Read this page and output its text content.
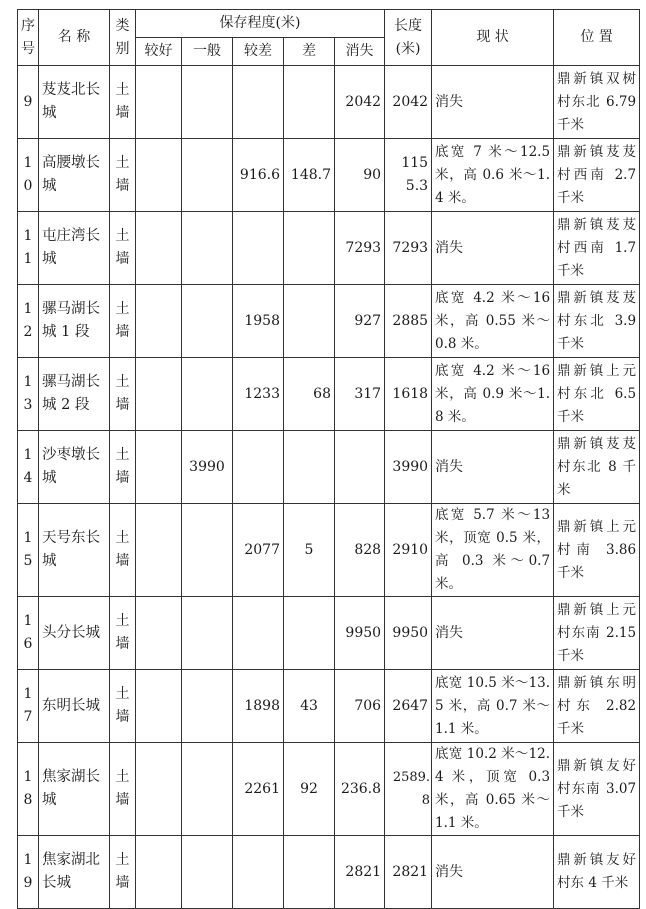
序号	名 称	类别	保存程度(米)					长度(米)	现 状	位 置
			较好	一般	较差	差	消失			
9	芨芨北长城	土墙					2042	2042	消失	鼎新镇双树村东北 6.79 千米
10	高腰墩长城	土墙			916.6	148.7	90	1155.3	底宽 7 米～12.5 米，高 0.6 米～1.4 米。	鼎新镇芨芨村西南 2.7 千米
11	屯庄湾长城	土墙					7293	7293	消失	鼎新镇芨芨村西南 1.7 千米
12	骡马湖长城 1 段	土墙			1958		927	2885	底宽 4.2 米～16 米，高 0.55 米～0.8 米。	鼎新镇芨芨村东北 3.9 千米
13	骡马湖长城 2 段	土墙			1233	68	317	1618	底宽 4.2 米～16 米，高 0.9 米～1.8 米。	鼎新镇上元村东北 6.5 千米
14	沙枣墩长城	土墙		3990				3990	消失	鼎新镇芨芨村东北 8 千米
15	天号东长城	土墙			2077	5	828	2910	底宽 5.7 米～13 米，顶宽 0.5 米，高 0.3 米～0.7 米。	鼎新镇上元村南 3.86 千米
16	头分长城	土墙					9950	9950	消失	鼎新镇上元村东南 2.15 千米
17	东明长城	土墙			1898	43	706	2647	底宽 10.5 米～13.5 米，高 0.7 米～1.1 米。	鼎新镇东明村东 2.82 千米
18	焦家湖长城	土墙			2261	92	236.8	2589.8	底宽 10.2 米～12.4 米，顶宽 0.3 米，高 0.65 米～1.1 米。	鼎新镇友好村东南 3.07 千米
19	焦家湖北长城	土墙					2821	2821	消失	鼎新镇友好村东 4 千米
